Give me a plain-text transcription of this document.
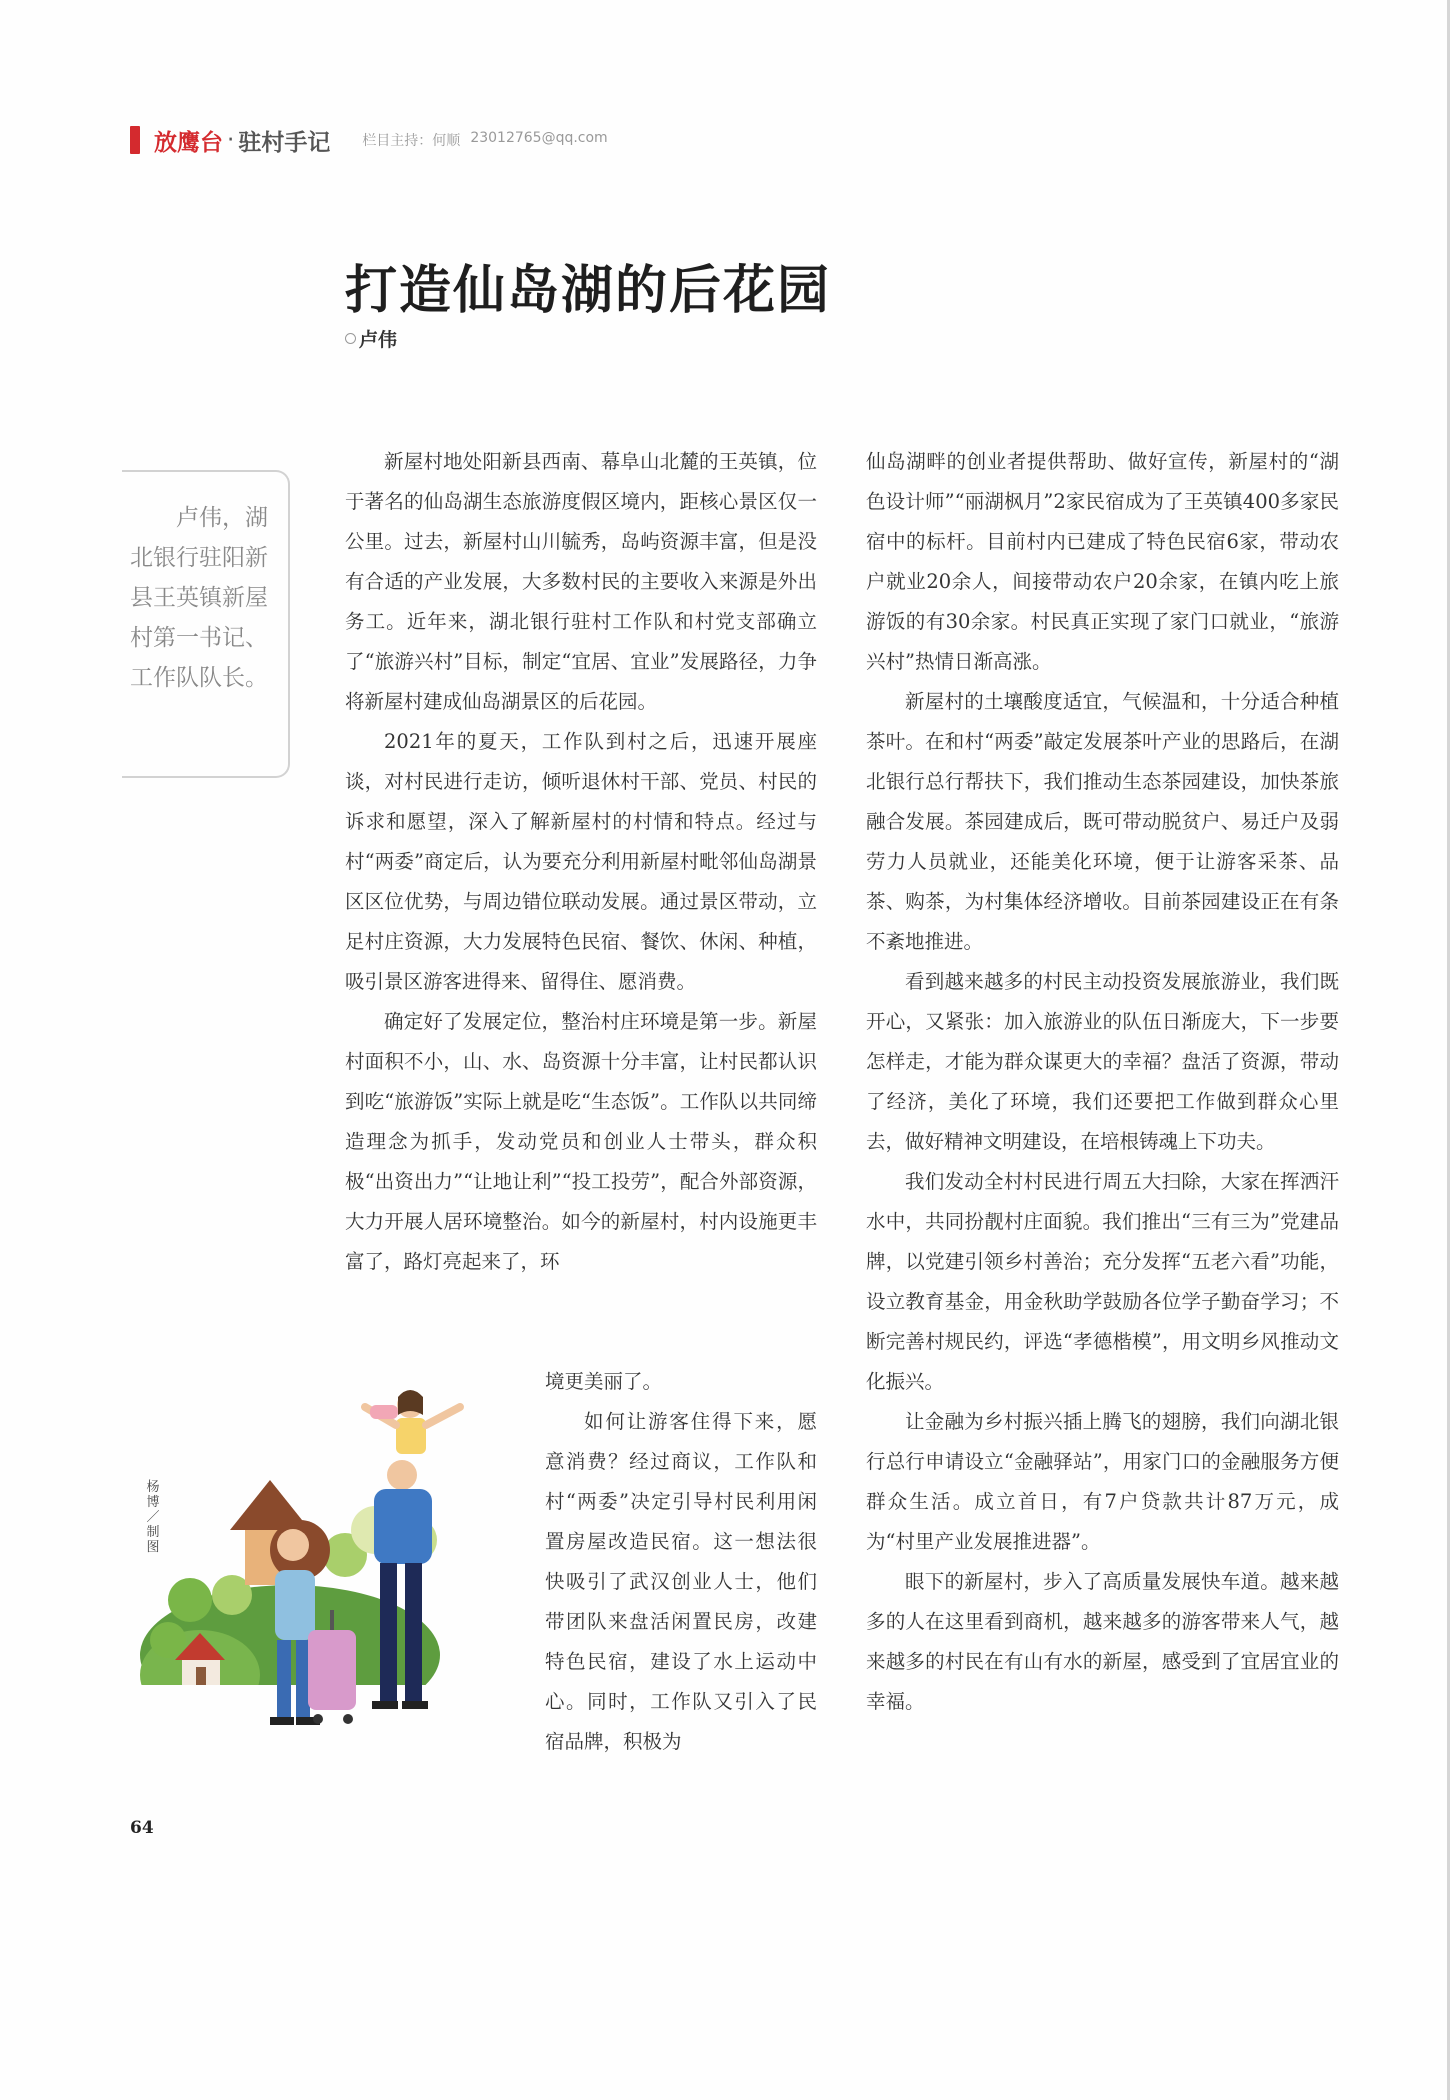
放鹰台 · 驻村手记 栏目主持：何顺 23012765@qq.com
打造仙岛湖的后花园
卢伟

卢伟，湖北银行驻阳新县王英镇新屋村第一书记、工作队队长。

新屋村地处阳新县西南、幕阜山北麓的王英镇，位于著名的仙岛湖生态旅游度假区境内，距核心景区仅一公里。过去，新屋村山川毓秀，岛屿资源丰富，但是没有合适的产业发展，大多数村民的主要收入来源是外出务工。近年来，湖北银行驻村工作队和村党支部确立了“旅游兴村”目标，制定“宜居、宜业”发展路径，力争将新屋村建成仙岛湖景区的后花园。

2021年的夏天，工作队到村之后，迅速开展座谈，对村民进行走访，倾听退休村干部、党员、村民的诉求和愿望，深入了解新屋村的村情和特点。经过与村“两委”商定后，认为要充分利用新屋村毗邻仙岛湖景区区位优势，与周边错位联动发展。通过景区带动，立足村庄资源，大力发展特色民宿、餐饮、休闲、种植，吸引景区游客进得来、留得住、愿消费。

确定好了发展定位，整治村庄环境是第一步。新屋村面积不小，山、水、岛资源十分丰富，让村民都认识到吃“旅游饭”实际上就是吃“生态饭”。工作队以共同缔造理念为抓手，发动党员和创业人士带头，群众积极“出资出力”“让地让利”“投工投劳”，配合外部资源，大力开展人居环境整治。如今的新屋村，村内设施更丰富了，路灯亮起来了，环

境更美丽了。

如何让游客住得下来，愿意消费？经过商议，工作队和村“两委”决定引导村民利用闲置房屋改造民宿。这一想法很快吸引了武汉创业人士，他们带团队来盘活闲置民房，改建特色民宿，建设了水上运动中心。同时，工作队又引入了民宿品牌，积极为

仙岛湖畔的创业者提供帮助、做好宣传，新屋村的“湖色设计师”“丽湖枫月”2家民宿成为了王英镇400多家民宿中的标杆。目前村内已建成了特色民宿6家，带动农户就业20余人，间接带动农户20余家，在镇内吃上旅游饭的有30余家。村民真正实现了家门口就业，“旅游兴村”热情日渐高涨。

新屋村的土壤酸度适宜，气候温和，十分适合种植茶叶。在和村“两委”敲定发展茶叶产业的思路后，在湖北银行总行帮扶下，我们推动生态茶园建设，加快茶旅融合发展。茶园建成后，既可带动脱贫户、易迁户及弱劳力人员就业，还能美化环境，便于让游客采茶、品茶、购茶，为村集体经济增收。目前茶园建设正在有条不紊地推进。

看到越来越多的村民主动投资发展旅游业，我们既开心，又紧张：加入旅游业的队伍日渐庞大，下一步要怎样走，才能为群众谋更大的幸福？盘活了资源，带动了经济，美化了环境，我们还要把工作做到群众心里去，做好精神文明建设，在培根铸魂上下功夫。

我们发动全村村民进行周五大扫除，大家在挥洒汗水中，共同扮靓村庄面貌。我们推出“三有三为”党建品牌，以党建引领乡村善治；充分发挥“五老六看”功能，设立教育基金，用金秋助学鼓励各位学子勤奋学习；不断完善村规民约，评选“孝德楷模”，用文明乡风推动文化振兴。

让金融为乡村振兴插上腾飞的翅膀，我们向湖北银行总行申请设立“金融驿站”，用家门口的金融服务方便群众生活。成立首日，有7户贷款共计87万元，成为“村里产业发展推进器”。

眼下的新屋村，步入了高质量发展快车道。越来越多的人在这里看到商机，越来越多的游客带来人气，越来越多的村民在有山有水的新屋，感受到了宜居宜业的幸福。

杨博／制图
64
